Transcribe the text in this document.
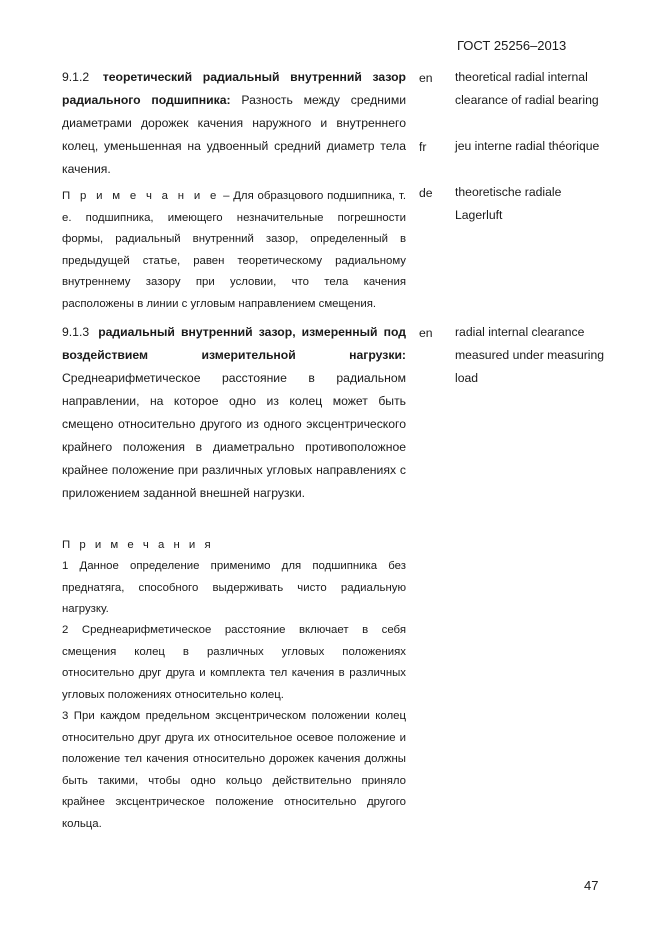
ГОСТ 25256–2013
9.1.2 теоретический радиальный внутренний зазор радиального подшипника: Разность между средними диаметрами дорожек качения наружного и внутреннего колец, уменьшенная на удвоенный средний диаметр тела качения.
П р и м е ч а н и е – Для образцового подшипника, т. е. подшипника, имеющего незначительные погрешности формы, радиальный внутренний зазор, определенный в предыдущей статье, равен теоретическому радиальному внутреннему зазору при условии, что тела качения расположены в линии с угловым направлением смещения.
en theoretical radial internal clearance of radial bearing
fr jeu interne radial théorique
de theoretische radiale Lagerluft
9.1.3 радиальный внутренний зазор, измеренный под воздействием измерительной нагрузки: Среднеарифметическое расстояние в радиальном направлении, на которое одно из колец может быть смещено относительно другого из одного эксцентрического крайнего положения в диаметрально противоположное крайнее положение при различных угловых направлениях с приложением заданной внешней нагрузки.
en radial internal clearance measured under measuring load
П р и м е ч а н и я
1 Данное определение применимо для подшипника без преднатяга, способного выдерживать чисто радиальную нагрузку.
2 Среднеарифметическое расстояние включает в себя смещения колец в различных угловых положениях относительно друг друга и комплекта тел качения в различных угловых положениях относительно колец.
3 При каждом предельном эксцентрическом положении колец относительно друг друга их относительное осевое положение и положение тел качения относительно дорожек качения должны быть такими, чтобы одно кольцо действительно приняло крайнее эксцентрическое положение относительно другого кольца.
47
